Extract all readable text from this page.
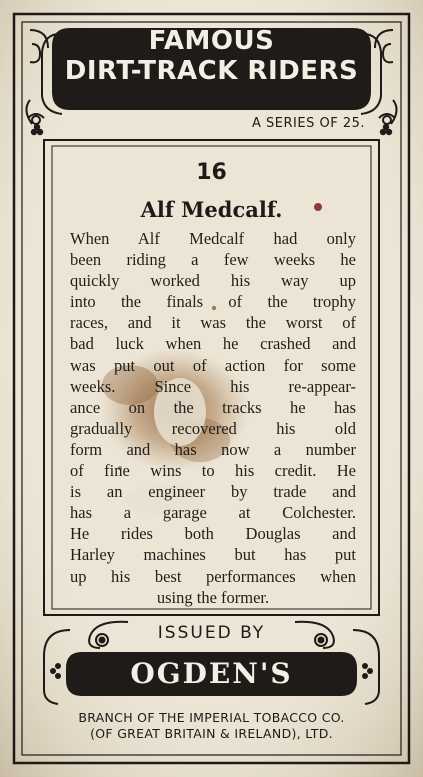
FAMOUS
DIRT-TRACK RIDERS
A SERIES OF 25.
16
Alf Medcalf.
When Alf Medcalf had only
been riding a few weeks he
quickly worked his way up
into the finals of the trophy
races, and it was the worst of
bad luck when he crashed and
was put out of action for some
weeks. Since his re-appear-
ance on the tracks he has
gradually recovered his old
form and has now a number
of fine wins to his credit. He
is an engineer by trade and
has a garage at Colchester.
He rides both Douglas and
Harley machines but has put
up his best performances when
using the former.
ISSUED BY
OGDEN'S
BRANCH OF THE IMPERIAL TOBACCO CO.
(OF GREAT BRITAIN & IRELAND), LTD.
